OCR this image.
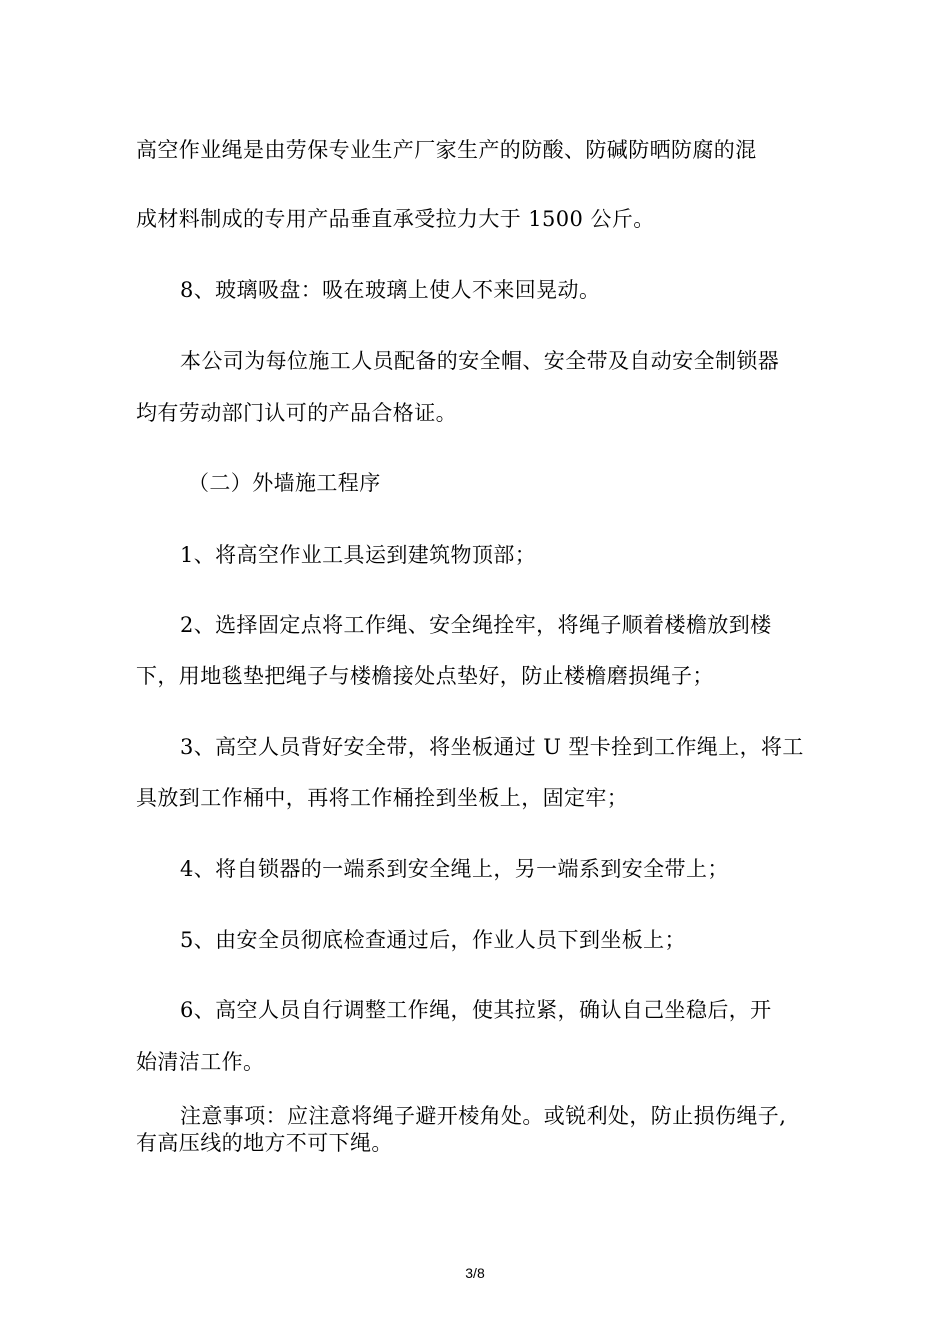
高空作业绳是由劳保专业生产厂家生产的防酸、防碱防晒防腐的混
成材料制成的专用产品垂直承受拉力大于 1500 公斤。
8、玻璃吸盘：吸在玻璃上使人不来回晃动。
本公司为每位施工人员配备的安全帽、安全带及自动安全制锁器
均有劳动部门认可的产品合格证。
（二）外墙施工程序
1、将高空作业工具运到建筑物顶部；
2、选择固定点将工作绳、安全绳拴牢，将绳子顺着楼檐放到楼
下，用地毯垫把绳子与楼檐接处点垫好，防止楼檐磨损绳子；
3、高空人员背好安全带，将坐板通过 U 型卡拴到工作绳上，将工
具放到工作桶中，再将工作桶拴到坐板上，固定牢；
4、将自锁器的一端系到安全绳上，另一端系到安全带上；
5、由安全员彻底检查通过后，作业人员下到坐板上；
6、高空人员自行调整工作绳，使其拉紧，确认自己坐稳后，开
始清洁工作。
注意事项：应注意将绳子避开棱角处。或锐利处，防止损伤绳子,
有高压线的地方不可下绳。
3/8
